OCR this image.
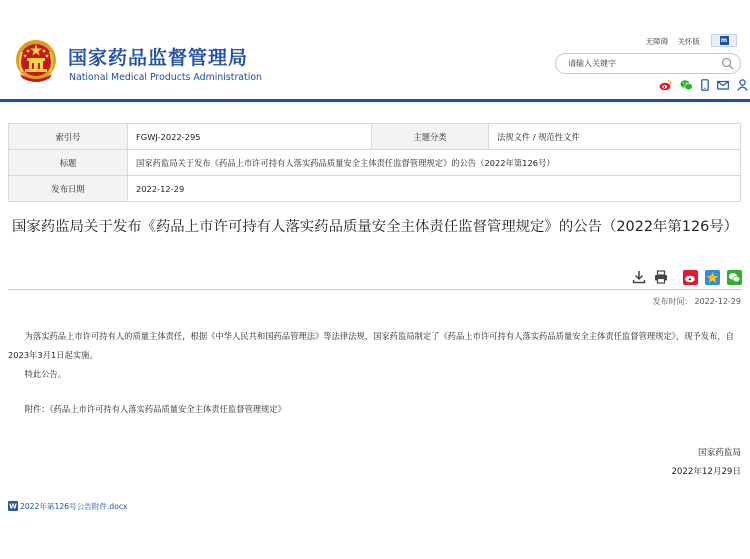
国家药品监督管理局
National Medical Products Administration
无障碍 关怀版	m
请输入关键字

索引号	FGWJ-2022-295	主题分类	法规文件 / 规范性文件
标题	国家药监局关于发布《药品上市许可持有人落实药品质量安全主体责任监督管理规定》的公告（2022年第126号）		
发布日期	2022-12-29		
国家药监局关于发布《药品上市许可持有人落实药品质量安全主体责任监督管理规定》的公告（2022年第126号）

发布时间： 2022-12-29

为落实药品上市许可持有人的质量主体责任，根据《中华人民共和国药品管理法》等法律法规，国家药监局制定了《药品上市许可持有人落实药品质量安全主体责任监督管理规定》，现予发布，自2023年3月1日起实施。

特此公告。

附件：《药品上市许可持有人落实药品质量安全主体责任监督管理规定》
国家药监局
2022年12月29日
W 2022年第126号公告附件.docx
